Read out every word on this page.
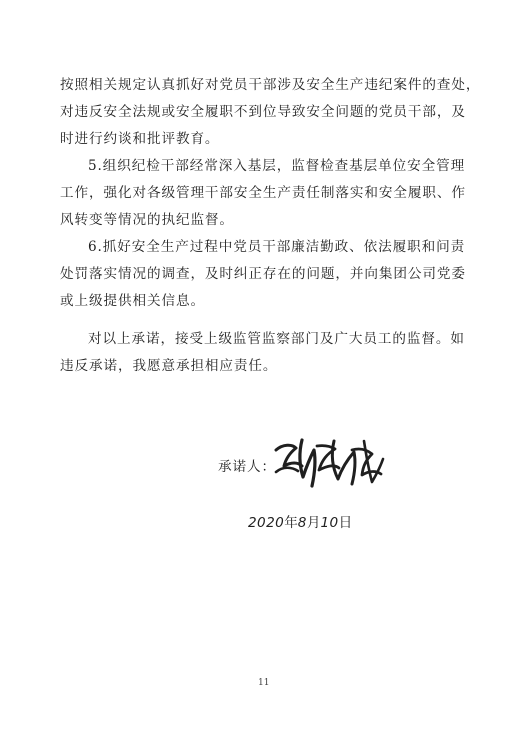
按照相关规定认真抓好对党员干部涉及安全生产违纪案件的查处，
对违反安全法规或安全履职不到位导致安全问题的党员干部，及
时进行约谈和批评教育。
5.组织纪检干部经常深入基层，监督检查基层单位安全管理
工作，强化对各级管理干部安全生产责任制落实和安全履职、作
风转变等情况的执纪监督。
6.抓好安全生产过程中党员干部廉洁勤政、依法履职和问责
处罚落实情况的调查，及时纠正存在的问题，并向集团公司党委
或上级提供相关信息。
对以上承诺，接受上级监管监察部门及广大员工的监督。如
违反承诺，我愿意承担相应责任。
承诺人：
2020年8月10日
11
